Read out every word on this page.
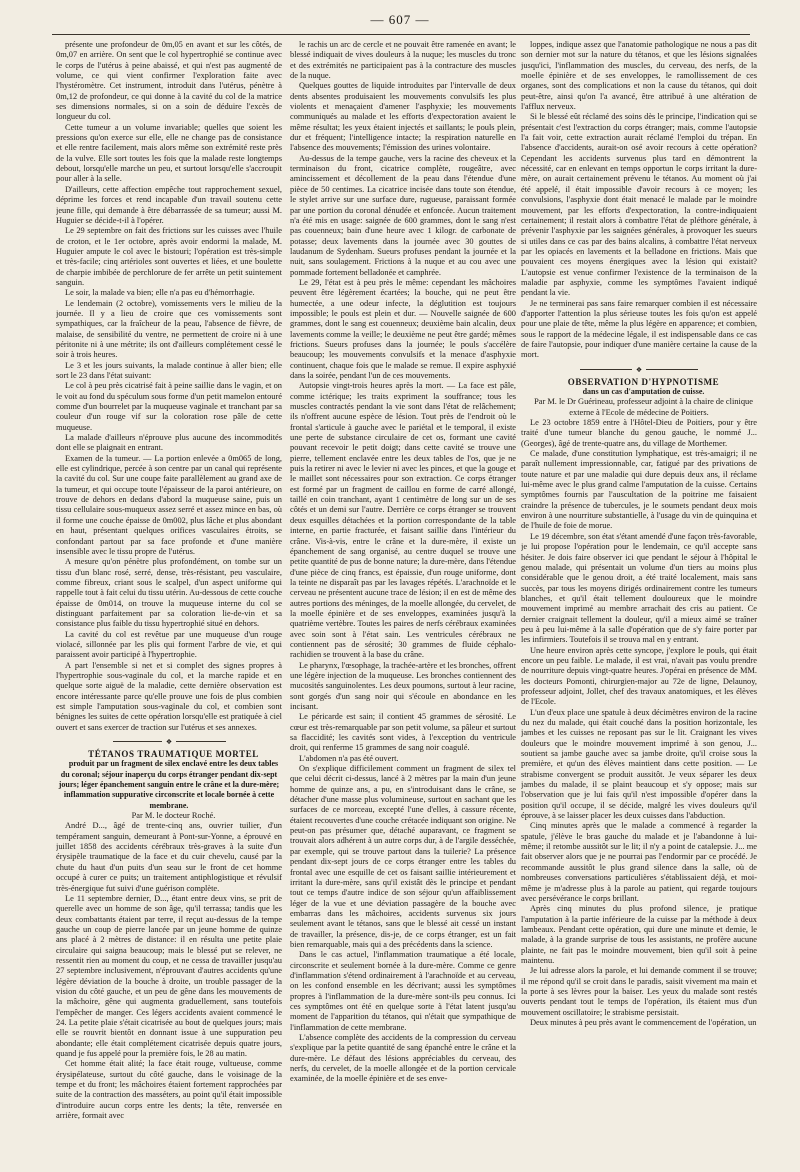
— 607 —

présente une profondeur de 0m,05 en avant et sur les côtés, de 0m,07 en arrière. On sent que le col hypertrophié se continue avec le corps de l'utérus à peine abaissé, et qui n'est pas augmenté de volume, ce qui vient confirmer l'exploration faite avec l'hystéromètre. Cet instrument, introduit dans l'utérus, pénètre à 0m,12 de profondeur, ce qui donne à la cavité du col de la matrice ses dimensions normales, si on a soin de déduire l'excès de longueur du col.

Cette tumeur a un volume invariable; quelles que soient les pressions qu'on exerce sur elle, elle ne change pas de consistance et elle rentre facilement, mais alors même son extrémité reste près de la vulve. Elle sort toutes les fois que la malade reste longtemps debout, lorsqu'elle marche un peu, et surtout lorsqu'elle s'accroupit pour aller à la selle.

D'ailleurs, cette affection empêche tout rapprochement sexuel, déprime les forces et rend incapable d'un travail soutenu cette jeune fille, qui demande à être débarrassée de sa tumeur; aussi M. Huguier se décide-t-il à l'opérer.

Le 29 septembre on fait des frictions sur les cuisses avec l'huile de croton, et le 1er octobre, après avoir endormi la malade, M. Huguier ampute le col avec le bistouri; l'opération est très-simple et très-facile; cinq artérioles sont ouvertes et liées, et une boulette de charpie imbibée de perchlorure de fer arrête un petit suintement sanguin.

Le soir, la malade va bien; elle n'a pas eu d'hémorrhagie.

Le lendemain (2 octobre), vomissements vers le milieu de la journée. Il y a lieu de croire que ces vomissements sont sympathiques, car la fraîcheur de la peau, l'absence de fièvre, de malaise, de sensibilité du ventre, ne permettent de croire ni à une péritonite ni à une métrite; ils ont d'ailleurs complétement cessé le soir à trois heures.

Le 3 et les jours suivants, la malade continue à aller bien; elle sort le 23 dans l'état suivant:

Le col à peu près cicatrisé fait à peine saillie dans le vagin, et on le voit au fond du spéculum sous forme d'un petit mamelon entouré comme d'un bourrelet par la muqueuse vaginale et tranchant par sa couleur d'un rouge vif sur la coloration rose pâle de cette muqueuse.

La malade d'ailleurs n'éprouve plus aucune des incommodités dont elle se plaignait en entrant.

Examen de la tumeur. — La portion enlevée a 0m065 de long, elle est cylindrique, percée à son centre par un canal qui représente la cavité du col. Sur une coupe faite parallèlement au grand axe de la tumeur, et qui occupe toute l'épaisseur de la paroi antérieure, on trouve de dehors en dedans d'abord la muqueuse saine, puis un tissu cellulaire sous-muqueux assez serré et assez mince en bas, où il forme une couche épaisse de 0m002, plus lâche et plus abondant en haut, présentant quelques orifices vasculaires étroits, se confondant partout par sa face profonde et d'une manière insensible avec le tissu propre de l'utérus.

A mesure qu'on pénètre plus profondément, on tombe sur un tissu d'un blanc rosé, serré, dense, très-résistant, peu vasculaire, comme fibreux, criant sous le scalpel, d'un aspect uniforme qui rappelle tout à fait celui du tissu utérin. Au-dessous de cette couche épaisse de 0m014, on trouve la muqueuse interne du col se distinguant parfaitement par sa coloration lie-de-vin et sa consistance plus faible du tissu hypertrophié situé en dehors.

La cavité du col est revêtue par une muqueuse d'un rouge violacé, sillonnée par les plis qui forment l'arbre de vie, et qui paraissent avoir participé à l'hypertrophie.

A part l'ensemble si net et si complet des signes propres à l'hypertrophie sous-vaginale du col, et la marche rapide et en quelque sorte aiguë de la maladie, cette dernière observation est encore intéressante parce qu'elle prouve une fois de plus combien est simple l'amputation sous-vaginale du col, et combien sont bénignes les suites de cette opération lorsqu'elle est pratiquée à ciel ouvert et sans exercer de traction sur l'utérus et ses annexes.

❖

TÉTANOS TRAUMATIQUE MORTEL

produit par un fragment de silex enclavé entre les deux tables du coronal; séjour inaperçu du corps étranger pendant dix-sept jours; léger épanchement sanguin entre le crâne et la dure-mère; inflammation suppurative circonscrite et locale bornée à cette membrane.

Par M. le docteur Roché.

André D..., âgé de trente-cinq ans, ouvrier tuilier, d'un tempérament sanguin, demeurant à Pont-sur-Yonne, a éprouvé en juillet 1858 des accidents cérébraux très-graves à la suite d'un érysipèle traumatique de la face et du cuir chevelu, causé par la chute du haut d'un puits d'un seau sur le front de cet homme occupé à curer ce puits; un traitement antiphlogistique et révulsif très-énergique fut suivi d'une guérison complète.

Le 11 septembre dernier, D..., étant entre deux vins, se prit de querelle avec un homme de son âge, qu'il terrassa; tandis que les deux combattants étaient par terre, il reçut au-dessus de la tempe gauche un coup de pierre lancée par un jeune homme de quinze ans placé à 2 mètres de distance: il en résulta une petite plaie circulaire qui saigna beaucoup; mais le blessé put se relever, ne ressentit rien au moment du coup, et ne cessa de travailler jusqu'au 27 septembre inclusivement, n'éprouvant d'autres accidents qu'une légère déviation de la bouche à droite, un trouble passager de la vision du côté gauche, et un peu de gêne dans les mouvements de la mâchoire, gêne qui augmenta graduellement, sans toutefois l'empêcher de manger. Ces légers accidents avaient commencé le 24. La petite plaie s'était cicatrisée au bout de quelques jours; mais elle se rouvrit bientôt en donnant issue à une suppuration peu abondante; elle était complétement cicatrisée depuis quatre jours, quand je fus appelé pour la première fois, le 28 au matin.

Cet homme était alité; la face était rouge, vultueuse, comme érysipélateuse, surtout du côté gauche, dans le voisinage de la tempe et du front; les mâchoires étaient fortement rapprochées par suite de la contraction des masséters, au point qu'il était impossible d'introduire aucun corps entre les dents; la tête, renversée en arrière, formait avec

le rachis un arc de cercle et ne pouvait être ramenée en avant; le blessé indiquait de vives douleurs à la nuque; les muscles du tronc et des extrémités ne participaient pas à la contracture des muscles de la nuque.

Quelques gouttes de liquide introduites par l'intervalle de deux dents absentes produisaient les mouvements convulsifs les plus violents et menaçaient d'amener l'asphyxie; les mouvements communiqués au malade et les efforts d'expectoration avaient le même résultat; les yeux étaient injectés et saillants; le pouls plein, dur et fréquent; l'intelligence intacte; la respiration naturelle en l'absence des mouvements; l'émission des urines volontaire.

Au-dessus de la tempe gauche, vers la racine des cheveux et la terminaison du front, cicatrice complète, rougeâtre, avec amincissement et décollement de la peau dans l'étendue d'une pièce de 50 centimes. La cicatrice incisée dans toute son étendue, le stylet arrive sur une surface dure, rugueuse, paraissant formée par une portion du coronal dénudée et enfoncée. Aucun traitement n'a été mis en usage: saignée de 600 grammes, dont le sang n'est pas couenneux; bain d'une heure avec 1 kilogr. de carbonate de potasse; deux lavements dans la journée avec 30 gouttes de laudanum de Sydenham. Sueurs profuses pendant la journée et la nuit, sans soulagement. Frictions à la nuque et au cou avec une pommade fortement belladonée et camphrée.

Le 29, l'état est à peu près le même: cependant les mâchoires peuvent être légèrement écartées; la bouche, qui ne peut être humectée, a une odeur infecte, la déglutition est toujours impossible; le pouls est plein et dur. — Nouvelle saignée de 600 grammes, dont le sang est couenneux; deuxième bain alcalin, deux lavements comme la veille; le deuxième ne peut être gardé; mêmes frictions. Sueurs profuses dans la journée; le pouls s'accélère beaucoup; les mouvements convulsifs et la menace d'asphyxie continuent, chaque fois que le malade se remue. Il expire asphyxié dans la soirée, pendant l'un de ces mouvements.

Autopsie vingt-trois heures après la mort. — La face est pâle, comme ictérique; les traits expriment la souffrance; tous les muscles contractés pendant la vie sont dans l'état de relâchement; ils n'offrent aucune espèce de lésion. Tout près de l'endroit où le frontal s'articule à gauche avec le pariétal et le temporal, il existe une perte de substance circulaire de cet os, formant une cavité pouvant recevoir le petit doigt; dans cette cavité se trouve une pierre, tellement enclavée entre les deux tables de l'os, que je ne puis la retirer ni avec le levier ni avec les pinces, et que la gouge et le maillet sont nécessaires pour son extraction. Ce corps étranger est formé par un fragment de caillou en forme de carré allongé, taillé en coin tranchant, ayant 1 centimètre de long sur un de ses côtés et un demi sur l'autre. Derrière ce corps étranger se trouvent deux esquilles détachées et la portion correspondante de la table interne, en partie fracturée, et faisant saillie dans l'intérieur du crâne. Vis-à-vis, entre le crâne et la dure-mère, il existe un épanchement de sang organisé, au centre duquel se trouve une petite quantité de pus de bonne nature; la dure-mère, dans l'étendue d'une pièce de cinq francs, est épaissie, d'un rouge uniforme, dont la teinte ne disparaît pas par les lavages répétés. L'arachnoïde et le cerveau ne présentent aucune trace de lésion; il en est de même des autres portions des méninges, de la moelle allongée, du cervelet, de la moelle épinière et de ses enveloppes, examinées jusqu'à la quatrième vertèbre. Toutes les paires de nerfs cérébraux examinées avec soin sont à l'état sain. Les ventricules cérébraux ne contiennent pas de sérosité; 30 grammes de fluide céphalo-rachidien se trouvent à la base du crâne.

Le pharynx, l'œsophage, la trachée-artère et les bronches, offrent une légère injection de la muqueuse. Les bronches contiennent des mucosités sanguinolentes. Les deux poumons, surtout à leur racine, sont gorgés d'un sang noir qui s'écoule en abondance en les incisant.

Le péricarde est sain; il contient 45 grammes de sérosité. Le cœur est très-remarquable par son petit volume, sa pâleur et surtout sa flaccidité; les cavités sont vides, à l'exception du ventricule droit, qui renferme 15 grammes de sang noir coagulé.

L'abdomen n'a pas été ouvert.

On s'explique difficilement comment un fragment de silex tel que celui décrit ci-dessus, lancé à 2 mètres par la main d'un jeune homme de quinze ans, a pu, en s'introduisant dans le crâne, se détacher d'une masse plus volumineuse, surtout en sachant que les surfaces de ce morceau, excepté l'une d'elles, à cassure récente, étaient recouvertes d'une couche crétacée indiquant son origine. Ne peut-on pas présumer que, détaché auparavant, ce fragment se trouvait alors adhérent à un autre corps dur, à de l'argile desséchée, par exemple, qui se trouve partout dans la tuilerie? La présence pendant dix-sept jours de ce corps étranger entre les tables du frontal avec une esquille de cet os faisant saillie intérieurement et irritant la dure-mère, sans qu'il existât dès le principe et pendant tout ce temps d'autre indice de son séjour qu'un affaiblissement léger de la vue et une déviation passagère de la bouche avec embarras dans les mâchoires, accidents survenus six jours seulement avant le tétanos, sans que le blessé ait cessé un instant de travailler, la présence, dis-je, de ce corps étranger, est un fait bien remarquable, mais qui a des précédents dans la science.

Dans le cas actuel, l'inflammation traumatique a été locale, circonscrite et seulement bornée à la dure-mère. Comme ce genre d'inflammation s'étend ordinairement à l'arachnoïde et au cerveau, on les confond ensemble en les décrivant; aussi les symptômes propres à l'inflammation de la dure-mère sont-ils peu connus. Ici ces symptômes ont été en quelque sorte à l'état latent jusqu'au moment de l'apparition du tétanos, qui n'était que sympathique de l'inflammation de cette membrane.

L'absence complète des accidents de la compression du cerveau s'explique par la petite quantité de sang épanché entre le crâne et la dure-mère. Le défaut des lésions appréciables du cerveau, des nerfs, du cervelet, de la moelle allongée et de la portion cervicale examinée, de la moelle épinière et de ses enve-

loppes, indique assez que l'anatomie pathologique ne nous a pas dit son dernier mot sur la nature du tétanos, et que les lésions signalées jusqu'ici, l'inflammation des muscles, du cerveau, des nerfs, de la moelle épinière et de ses enveloppes, le ramollissement de ces organes, sont des complications et non la cause du tétanos, qui doit peut-être, ainsi qu'on l'a avancé, être attribué à une altération de l'afflux nerveux.

Si le blessé eût réclamé des soins dès le principe, l'indication qui se présentait c'est l'extraction du corps étranger; mais, comme l'autopsie l'a fait voir, cette extraction aurait réclamé l'emploi du trépan. En l'absence d'accidents, aurait-on osé avoir recours à cette opération? Cependant les accidents survenus plus tard en démontrent la nécessité, car en enlevant en temps opportun le corps irritant la dure-mère, on aurait certainement prévenu le tétanos. Au moment où j'ai été appelé, il était impossible d'avoir recours à ce moyen; les convulsions, l'asphyxie dont était menacé le malade par le moindre mouvement, par les efforts d'expectoration, la contre-indiquaient certainement; il restait alors à combattre l'état de pléthore générale, à prévenir l'asphyxie par les saignées générales, à provoquer les sueurs si utiles dans ce cas par des bains alcalins, à combattre l'état nerveux par les opiacés en lavements et la belladone en frictions. Mais que pouvaient ces moyens énergiques avec la lésion qui existait? L'autopsie est venue confirmer l'existence de la terminaison de la maladie par asphyxie, comme les symptômes l'avaient indiqué pendant la vie.

Je ne terminerai pas sans faire remarquer combien il est nécessaire d'apporter l'attention la plus sérieuse toutes les fois qu'on est appelé pour une plaie de tête, même la plus légère en apparence; et combien, sous le rapport de la médecine légale, il est indispensable dans ce cas de faire l'autopsie, pour indiquer d'une manière certaine la cause de la mort.

❖

OBSERVATION D'HYPNOTISME

dans un cas d'amputation de cuisse.

Par M. le Dr Guérineau, professeur adjoint à la chaire de clinique externe à l'Ecole de médecine de Poitiers.

Le 23 octobre 1859 entre à l'Hôtel-Dieu de Poitiers, pour y être traité d'une tumeur blanche du genou gauche, le nommé J... (Georges), âgé de trente-quatre ans, du village de Morthemer.

Ce malade, d'une constitution lymphatique, est très-amaigri; il ne paraît nullement impressionnable, car, fatigué par des privations de toute nature et par une maladie qui dure depuis deux ans, il réclame lui-même avec le plus grand calme l'amputation de la cuisse. Certains symptômes fournis par l'auscultation de la poitrine me faisaient craindre la présence de tubercules, je le soumets pendant deux mois environ à une nourriture substantielle, à l'usage du vin de quinquina et de l'huile de foie de morue.

Le 19 décembre, son état s'étant amendé d'une façon très-favorable, je lui propose l'opération pour le lendemain, ce qu'il accepte sans hésiter. Je dois faire observer ici que pendant le séjour à l'hôpital le genou malade, qui présentait un volume d'un tiers au moins plus considérable que le genou droit, a été traité localement, mais sans succès, par tous les moyens dirigés ordinairement contre les tumeurs blanches, et qu'il était tellement douloureux que le moindre mouvement imprimé au membre arrachait des cris au patient. Ce dernier craignait tellement la douleur, qu'il a mieux aimé se traîner peu à peu lui-même à la salle d'opération que de s'y faire porter par les infirmiers. Toutefois il se trouva mal en y entrant.

Une heure environ après cette syncope, j'explore le pouls, qui était encore un peu faible. Le malade, il est vrai, n'avait pas voulu prendre de nourriture depuis vingt-quatre heures. J'opérai en présence de MM. les docteurs Pomonti, chirurgien-major au 72e de ligne, Delaunoy, professeur adjoint, Jollet, chef des travaux anatomiques, et les élèves de l'Ecole.

L'un d'eux place une spatule à deux décimètres environ de la racine du nez du malade, qui était couché dans la position horizontale, les jambes et les cuisses ne reposant pas sur le lit. Craignant les vives douleurs que le moindre mouvement imprimé à son genou, J... soutient sa jambe gauche avec sa jambe droite, qu'il croise sous la première, et qu'un des élèves maintient dans cette position. — Le strabisme convergent se produit aussitôt. Je veux séparer les deux jambes du malade, il se plaint beaucoup et s'y oppose; mais sur l'observation que je lui fais qu'il n'est impossible d'opérer dans la position qu'il occupe, il se décide, malgré les vives douleurs qu'il éprouve, à se laisser placer les deux cuisses dans l'abduction.

Cinq minutes après que le malade a commencé à regarder la spatule, j'élève le bras gauche du malade et je l'abandonne à lui-même; il retombe aussitôt sur le lit; il n'y a point de catalepsie. J... me fait observer alors que je ne pourrai pas l'endormir par ce procédé. Je recommande aussitôt le plus grand silence dans la salle, où de nombreuses conversations particulières s'établissaient déjà, et moi-même je m'adresse plus à la parole au patient, qui regarde toujours avec persévérance le corps brillant.

Après cinq minutes du plus profond silence, je pratique l'amputation à la partie inférieure de la cuisse par la méthode à deux lambeaux. Pendant cette opération, qui dure une minute et demie, le malade, à la grande surprise de tous les assistants, ne profère aucune plainte, ne fait pas le moindre mouvement, bien qu'il soit à peine maintenu.

Je lui adresse alors la parole, et lui demande comment il se trouve; il me répond qu'il se croit dans le paradis, saisit vivement ma main et la porte à ses lèvres pour la baiser. Les yeux du malade sont restés ouverts pendant tout le temps de l'opération, ils étaient mus d'un mouvement oscillatoire; le strabisme persistait.

Deux minutes à peu près avant le commencement de l'opération, un
